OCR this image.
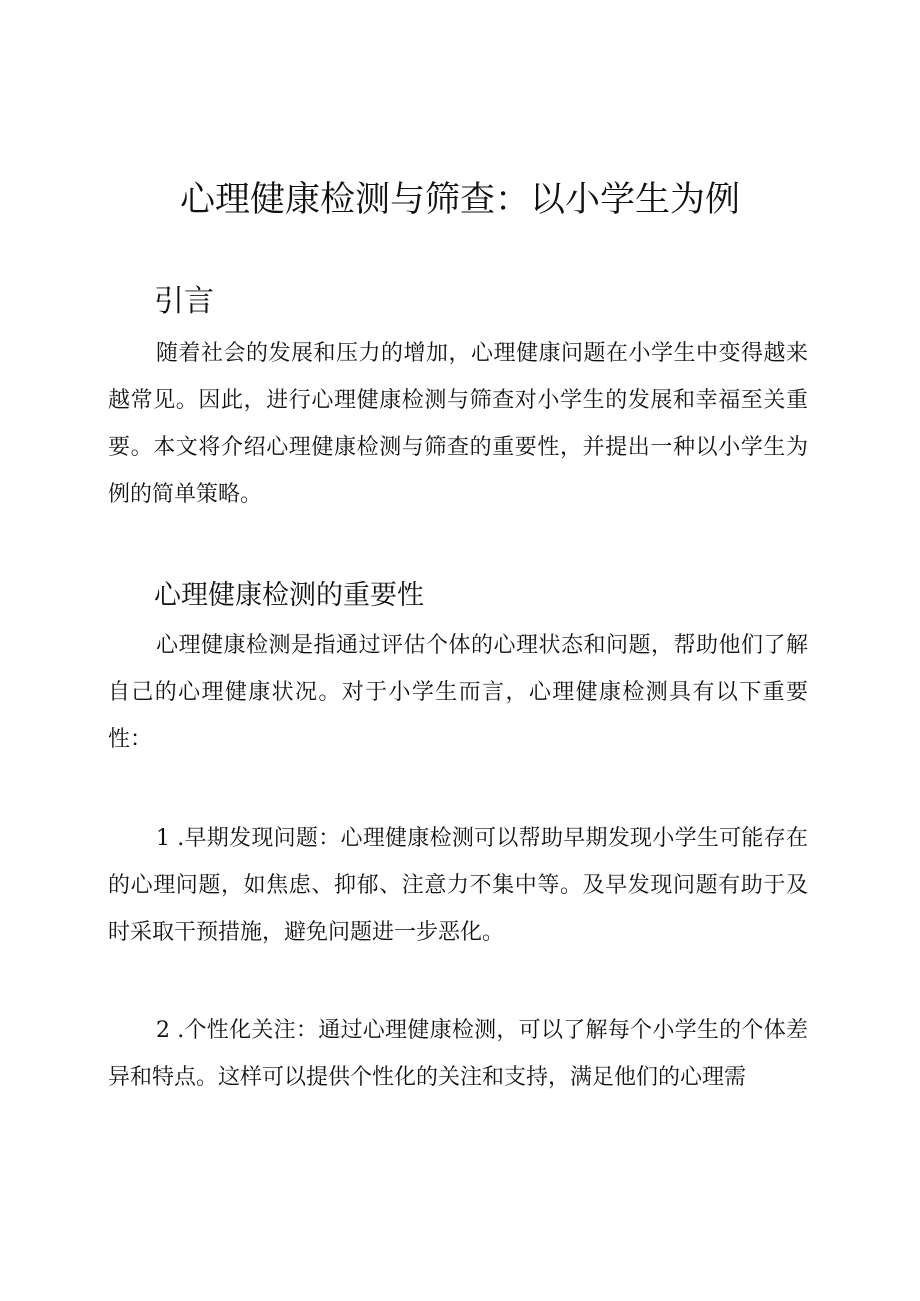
心理健康检测与筛查：以小学生为例
引言

随着社会的发展和压力的增加，心理健康问题在小学生中变得越来越常见。因此，进行心理健康检测与筛查对小学生的发展和幸福至关重要。本文将介绍心理健康检测与筛查的重要性，并提出一种以小学生为例的简单策略。

心理健康检测的重要性

心理健康检测是指通过评估个体的心理状态和问题，帮助他们了解自己的心理健康状况。对于小学生而言，心理健康检测具有以下重要性：

1 .早期发现问题：心理健康检测可以帮助早期发现小学生可能存在的心理问题，如焦虑、抑郁、注意力不集中等。及早发现问题有助于及时采取干预措施，避免问题进一步恶化。

2 .个性化关注：通过心理健康检测，可以了解每个小学生的个体差异和特点。这样可以提供个性化的关注和支持，满足他们的心理需
